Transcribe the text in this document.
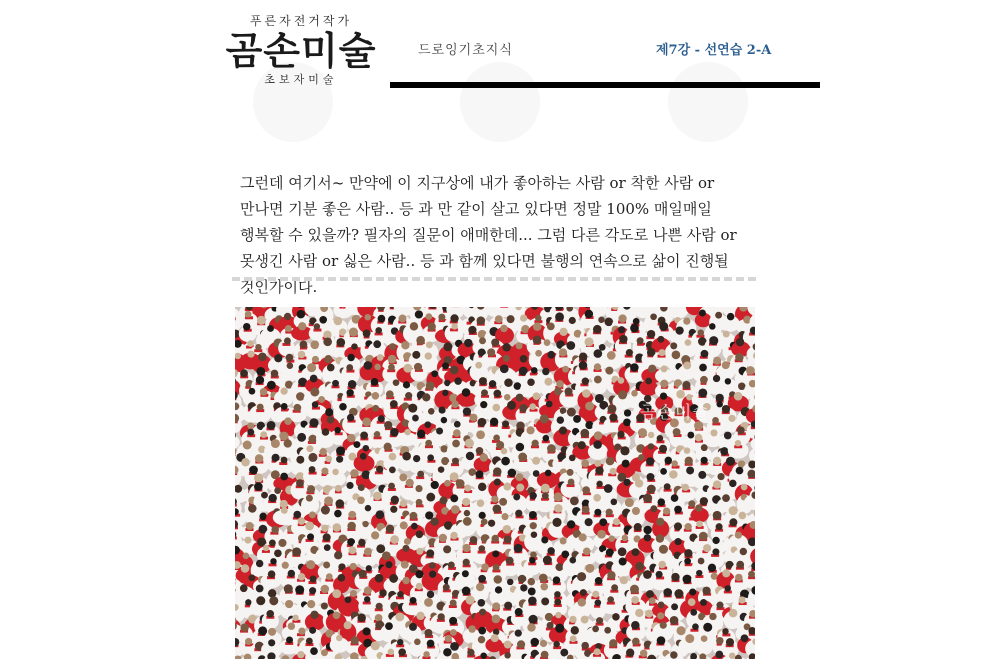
푸른자전거작가
곰손미술
초보자미술
드로잉기초지식	제7강 - 선연습 2-A

그런데 여기서~ 만약에 이 지구상에 내가 좋아하는 사람 or 착한 사람 or 만나면 기분 좋은 사람.. 등 과 만 같이 살고 있다면 정말 100% 매일매일 행복할 수 있을까? 필자의 질문이 애매한데... 그럼 다른 각도로 나쁜 사람 or 못생긴 사람 or 싫은 사람.. 등 과 함께 있다면 불행의 연속으로 삶이 진행될 것인가이다.

곰손미술
